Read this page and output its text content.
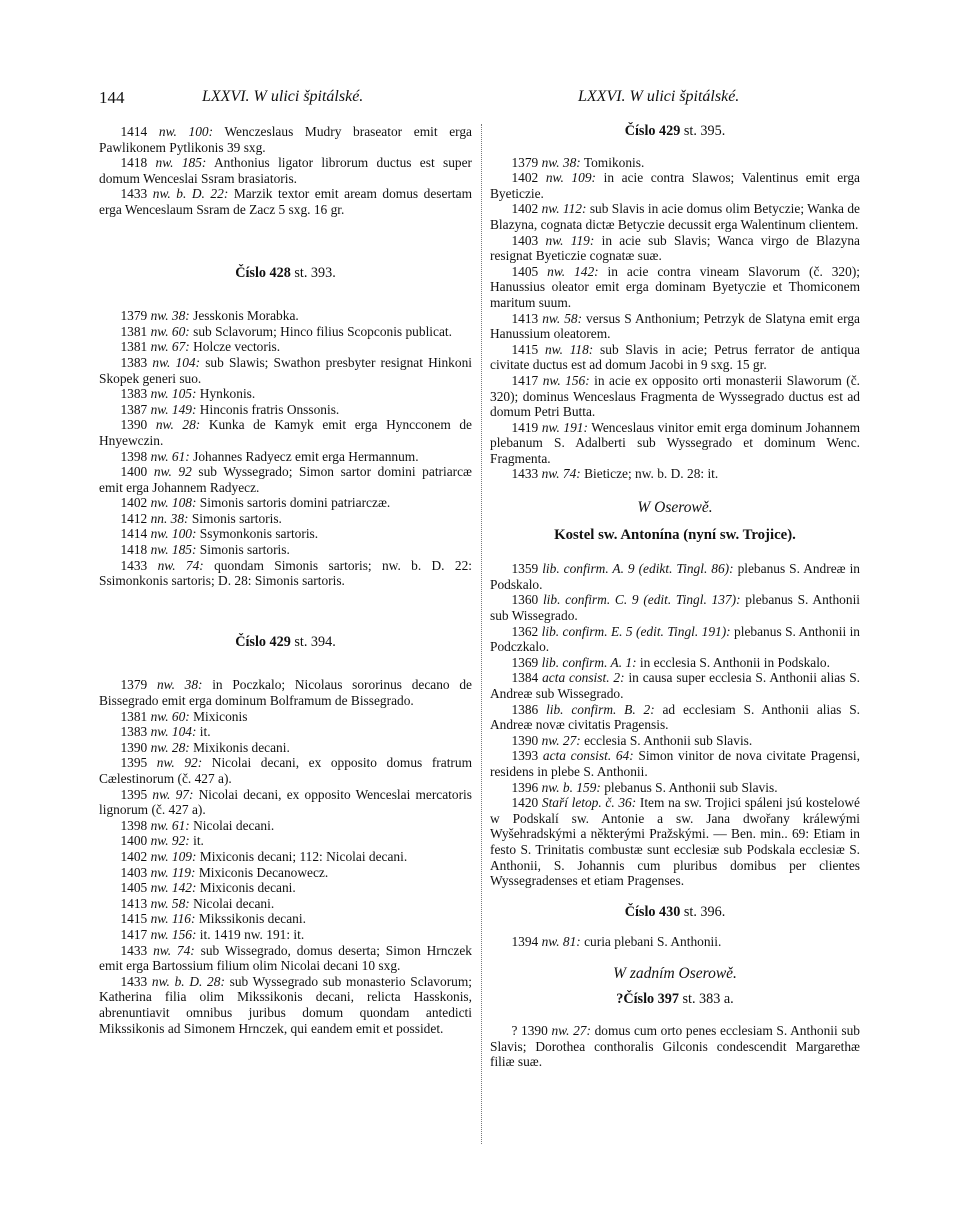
144	LXXVI. W ulici špitálské.	LXXVI. W ulici špitálské.

1414 nw. 100: Wenczeslaus Mudry braseator emit erga Pawlikonem Pytlikonis 39 sxg.

1418 nw. 185: Anthonius ligator librorum ductus est super domum Wenceslai Ssram brasiatoris.

1433 nw. b. D. 22: Marzik textor emit aream domus desertam erga Wenceslaum Ssram de Zacz 5 sxg. 16 gr.

Číslo 428 st. 393.

1379 nw. 38: Jesskonis Morabka.

1381 nw. 60: sub Sclavorum; Hinco filius Scopconis publicat.

1381 nw. 67: Holcze vectoris.

1383 nw. 104: sub Slawis; Swathon presbyter resignat Hinkoni Skopek generi suo.

1383 nw. 105: Hynkonis.

1387 nw. 149: Hinconis fratris Onssonis.

1390 nw. 28: Kunka de Kamyk emit erga Hyncconem de Hnyewczin.

1398 nw. 61: Johannes Radyecz emit erga Hermannum.

1400 nw. 92 sub Wyssegrado; Simon sartor domini patriarcæ emit erga Johannem Radyecz.

1402 nw. 108: Simonis sartoris domini patriarczæ.

1412 nn. 38: Simonis sartoris.

1414 nw. 100: Ssymonkonis sartoris.

1418 nw. 185: Simonis sartoris.

1433 nw. 74: quondam Simonis sartoris; nw. b. D. 22: Ssimonkonis sartoris; D. 28: Simonis sartoris.

Číslo 429 st. 394.

1379 nw. 38: in Poczkalo; Nicolaus sororinus decano de Bissegrado emit erga dominum Bolframum de Bissegrado.

1381 nw. 60: Mixiconis

1383 nw. 104: it.

1390 nw. 28: Mixikonis decani.

1395 nw. 92: Nicolai decani, ex opposito domus fratrum Cælestinorum (č. 427 a).

1395 nw. 97: Nicolai decani, ex opposito Wenceslai mercatoris lignorum (č. 427 a).

1398 nw. 61: Nicolai decani.

1400 nw. 92: it.

1402 nw. 109: Mixiconis decani; 112: Nicolai decani.

1403 nw. 119: Mixiconis Decanowecz.

1405 nw. 142: Mixiconis decani.

1413 nw. 58: Nicolai decani.

1415 nw. 116: Mikssikonis decani.

1417 nw. 156: it. 1419 nw. 191: it.

1433 nw. 74: sub Wissegrado, domus deserta; Simon Hrnczek emit erga Bartossium filium olim Nicolai decani 10 sxg.

1433 nw. b. D. 28: sub Wyssegrado sub monasterio Sclavorum; Katherina filia olim Mikssikonis decani, relicta Hasskonis, abrenuntiavit omnibus juribus domum quondam antedicti Mikssikonis ad Simonem Hrnczek, qui eandem emit et possidet.

Číslo 429 st. 395.

1379 nw. 38: Tomikonis.

1402 nw. 109: in acie contra Slawos; Valentinus emit erga Byeticzie.

1402 nw. 112: sub Slavis in acie domus olim Betyczie; Wanka de Blazyna, cognata dictæ Betyczie decussit erga Walentinum clientem.

1403 nw. 119: in acie sub Slavis; Wanca virgo de Blazyna resignat Byeticzie cognatæ suæ.

1405 nw. 142: in acie contra vineam Slavorum (č. 320); Hanussius oleator emit erga dominam Byetyczie et Thomiconem maritum suum.

1413 nw. 58: versus S Anthonium; Petrzyk de Slatyna emit erga Hanussium oleatorem.

1415 nw. 118: sub Slavis in acie; Petrus ferrator de antiqua civitate ductus est ad domum Jacobi in 9 sxg. 15 gr.

1417 nw. 156: in acie ex opposito orti monasterii Slaworum (č. 320); dominus Wenceslaus Fragmenta de Wyssegrado ductus est ad domum Petri Butta.

1419 nw. 191: Wenceslaus vinitor emit erga dominum Johannem plebanum S. Adalberti sub Wyssegrado et dominum Wenc. Fragmenta.

1433 nw. 74: Bieticze; nw. b. D. 28: it.

W Oserowě.

Kostel sw. Antonína (nyní sw. Trojice).

1359 lib. confirm. A. 9 (edikt. Tingl. 86): plebanus S. Andreæ in Podskalo.

1360 lib. confirm. C. 9 (edit. Tingl. 137): plebanus S. Anthonii sub Wissegrado.

1362 lib. confirm. E. 5 (edit. Tingl. 191): plebanus S. Anthonii in Podczkalo.

1369 lib. confirm. A. 1: in ecclesia S. Anthonii in Podskalo.

1384 acta consist. 2: in causa super ecclesia S. Anthonii alias S. Andreæ sub Wissegrado.

1386 lib. confirm. B. 2: ad ecclesiam S. Anthonii alias S. Andreæ novæ civitatis Pragensis.

1390 nw. 27: ecclesia S. Anthonii sub Slavis.

1393 acta consist. 64: Simon vinitor de nova civitate Pragensi, residens in plebe S. Anthonii.

1396 nw. b. 159: plebanus S. Anthonii sub Slavis.

1420 Staří letop. č. 36: Item na sw. Trojici spáleni jsú kostelowé w Podskalí sw. Antonie a sw. Jana dwořany králewými Wyšehradskými a některými Pražskými. — Ben. min.. 69: Etiam in festo S. Trinitatis combustæ sunt ecclesiæ sub Podskala ecclesiæ S. Anthonii, S. Johannis cum pluribus domibus per clientes Wyssegradenses et etiam Pragenses.

Číslo 430 st. 396.

1394 nw. 81: curia plebani S. Anthonii.

W zadním Oserowě.

?Číslo 397 st. 383 a.

? 1390 nw. 27: domus cum orto penes ecclesiam S. Anthonii sub Slavis; Dorothea conthoralis Gilconis condescendit Margarethæ filiæ suæ.
